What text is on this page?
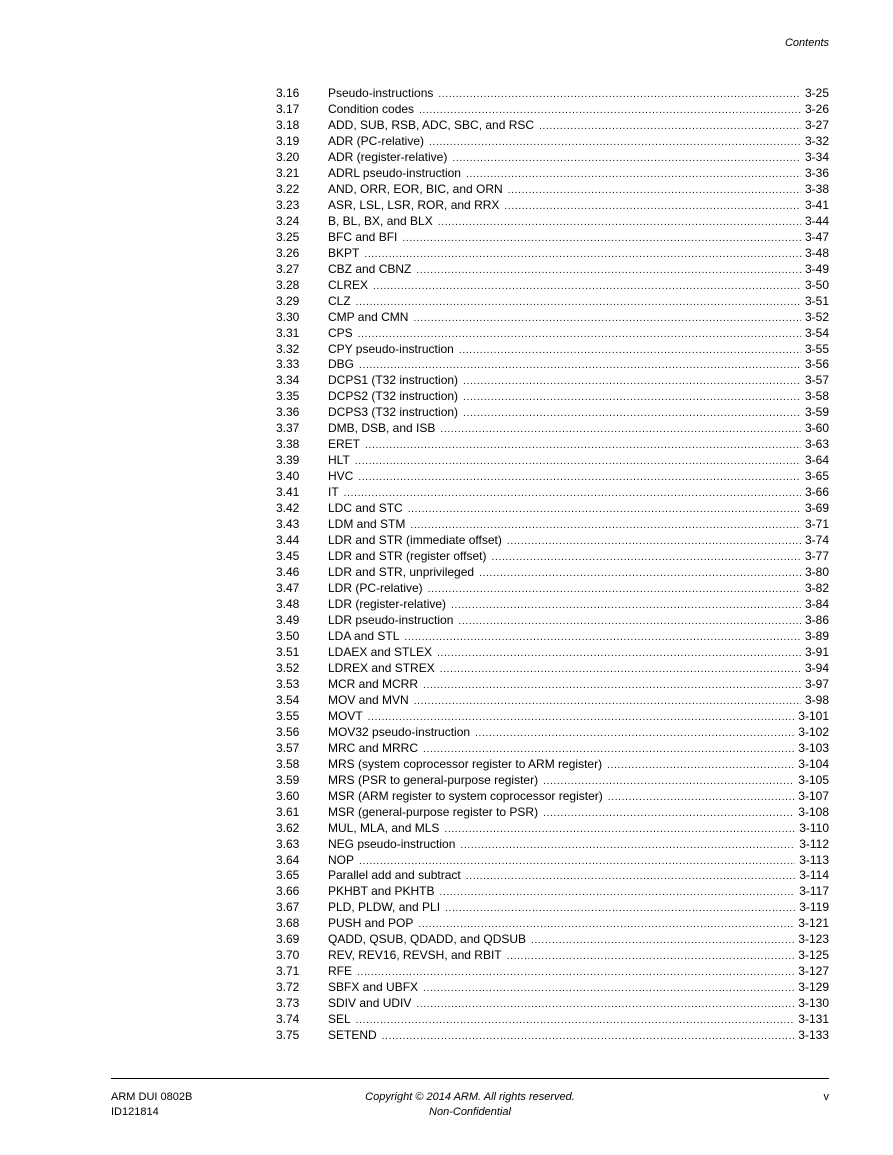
Contents
3.16	Pseudo-instructions .....	3-25
3.17	Condition codes .....	3-26
3.18	ADD, SUB, RSB, ADC, SBC, and RSC .....	3-27
3.19	ADR (PC-relative) .....	3-32
3.20	ADR (register-relative) .....	3-34
3.21	ADRL pseudo-instruction .....	3-36
3.22	AND, ORR, EOR, BIC, and ORN .....	3-38
3.23	ASR, LSL, LSR, ROR, and RRX .....	3-41
3.24	B, BL, BX, and BLX .....	3-44
3.25	BFC and BFI .....	3-47
3.26	BKPT .....	3-48
3.27	CBZ and CBNZ .....	3-49
3.28	CLREX .....	3-50
3.29	CLZ .....	3-51
3.30	CMP and CMN .....	3-52
3.31	CPS .....	3-54
3.32	CPY pseudo-instruction .....	3-55
3.33	DBG .....	3-56
3.34	DCPS1 (T32 instruction) .....	3-57
3.35	DCPS2 (T32 instruction) .....	3-58
3.36	DCPS3 (T32 instruction) .....	3-59
3.37	DMB, DSB, and ISB .....	3-60
3.38	ERET .....	3-63
3.39	HLT .....	3-64
3.40	HVC .....	3-65
3.41	IT .....	3-66
3.42	LDC and STC .....	3-69
3.43	LDM and STM .....	3-71
3.44	LDR and STR (immediate offset) .....	3-74
3.45	LDR and STR (register offset) .....	3-77
3.46	LDR and STR, unprivileged .....	3-80
3.47	LDR (PC-relative) .....	3-82
3.48	LDR (register-relative) .....	3-84
3.49	LDR pseudo-instruction .....	3-86
3.50	LDA and STL .....	3-89
3.51	LDAEX and STLEX .....	3-91
3.52	LDREX and STREX .....	3-94
3.53	MCR and MCRR .....	3-97
3.54	MOV and MVN .....	3-98
3.55	MOVT .....	3-101
3.56	MOV32 pseudo-instruction .....	3-102
3.57	MRC and MRRC .....	3-103
3.58	MRS (system coprocessor register to ARM register) .....	3-104
3.59	MRS (PSR to general-purpose register) .....	3-105
3.60	MSR (ARM register to system coprocessor register) .....	3-107
3.61	MSR (general-purpose register to PSR) .....	3-108
3.62	MUL, MLA, and MLS .....	3-110
3.63	NEG pseudo-instruction .....	3-112
3.64	NOP .....	3-113
3.65	Parallel add and subtract .....	3-114
3.66	PKHBT and PKHTB .....	3-117
3.67	PLD, PLDW, and PLI .....	3-119
3.68	PUSH and POP .....	3-121
3.69	QADD, QSUB, QDADD, and QDSUB .....	3-123
3.70	REV, REV16, REVSH, and RBIT .....	3-125
3.71	RFE .....	3-127
3.72	SBFX and UBFX .....	3-129
3.73	SDIV and UDIV .....	3-130
3.74	SEL .....	3-131
3.75	SETEND .....	3-133
ARM DUI 0802B
ID121814
Copyright © 2014 ARM. All rights reserved.
Non-Confidential
v
